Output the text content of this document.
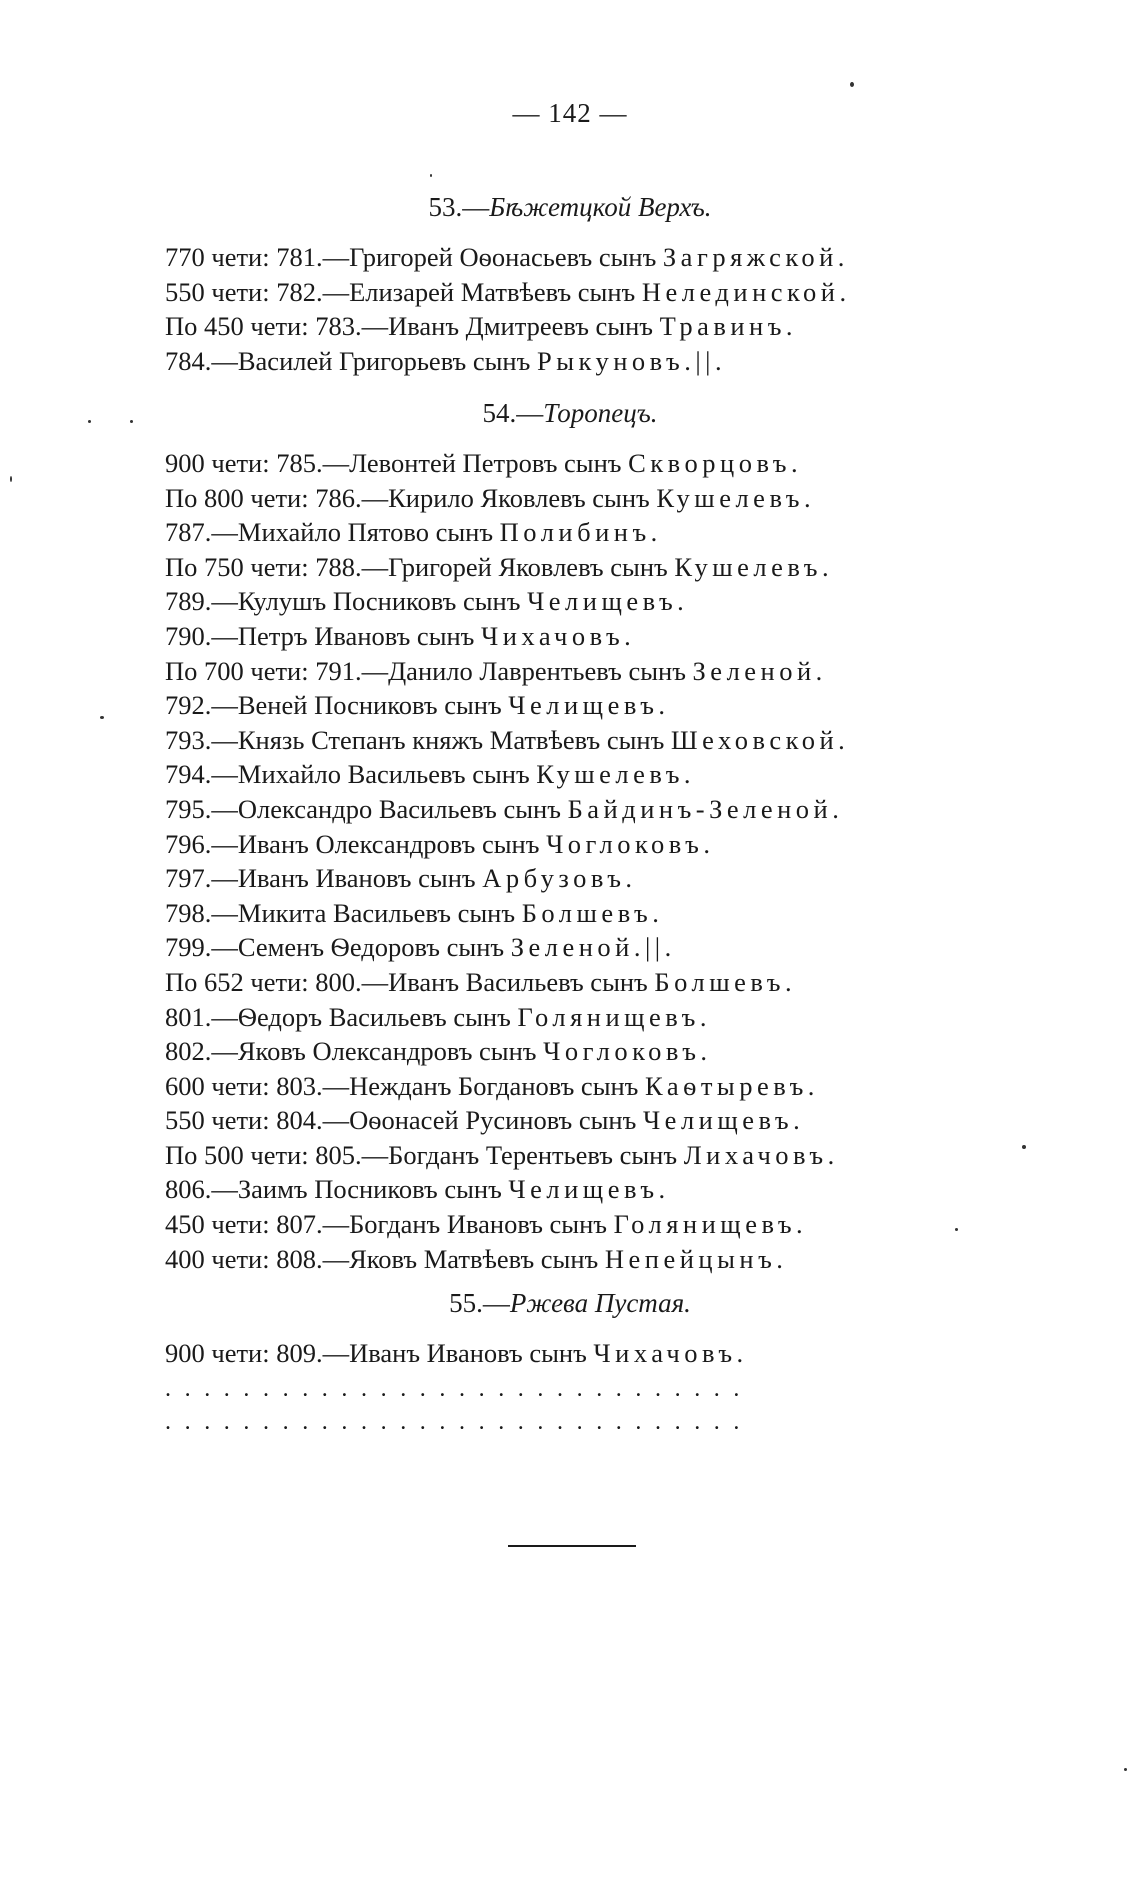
— 142 —
53.—Бѣжетцкой Верхъ.
770 чети: 781.—Григорей Оѳонасьевъ сынъ Загряжской.
550 чети: 782.—Елизарей Матвѣевъ сынъ Нелединской.
По 450 чети: 783.—Иванъ Дмитреевъ сынъ Травинъ.
784.—Василей Григорьевъ сынъ Рыкуновъ.||.
54.—Торопецъ.
900 чети: 785.—Левонтей Петровъ сынъ Скворцовъ.
По 800 чети: 786.—Кирило Яковлевъ сынъ Кушелевъ.
787.—Михайло Пятово сынъ Полибинъ.
По 750 чети: 788.—Григорей Яковлевъ сынъ Кушелевъ.
789.—Кулушъ Посниковъ сынъ Челищевъ.
790.—Петръ Ивановъ сынъ Чихачовъ.
По 700 чети: 791.—Данило Лаврентьевъ сынъ Зеленой.
792.—Веней Посниковъ сынъ Челищевъ.
793.—Князь Степанъ княжъ Матвѣевъ сынъ Шеховской.
794.—Михайло Васильевъ сынъ Кушелевъ.
795.—Олександро Васильевъ сынъ Байдинъ-Зеленой.
796.—Иванъ Олександровъ сынъ Чоглоковъ.
797.—Иванъ Ивановъ сынъ Арбузовъ.
798.—Микита Васильевъ сынъ Болшевъ.
799.—Семенъ Ѳедоровъ сынъ Зеленой.||.
По 652 чети: 800.—Иванъ Васильевъ сынъ Болшевъ.
801.—Ѳедоръ Васильевъ сынъ Голянищевъ.
802.—Яковъ Олександровъ сынъ Чоглоковъ.
600 чети: 803.—Нежданъ Богдановъ сынъ Каѳтыревъ.
550 чети: 804.—Оѳонасей Русиновъ сынъ Челищевъ.
По 500 чети: 805.—Богданъ Терентьевъ сынъ Лихачовъ.
806.—Заимъ Посниковъ сынъ Челищевъ.
450 чети: 807.—Богданъ Ивановъ сынъ Голянищевъ.
400 чети: 808.—Яковъ Матвѣевъ сынъ Непейцынъ.
55.—Ржева Пустая.
900 чети: 809.—Иванъ Ивановъ сынъ Чихачовъ.
..............................
..............................
